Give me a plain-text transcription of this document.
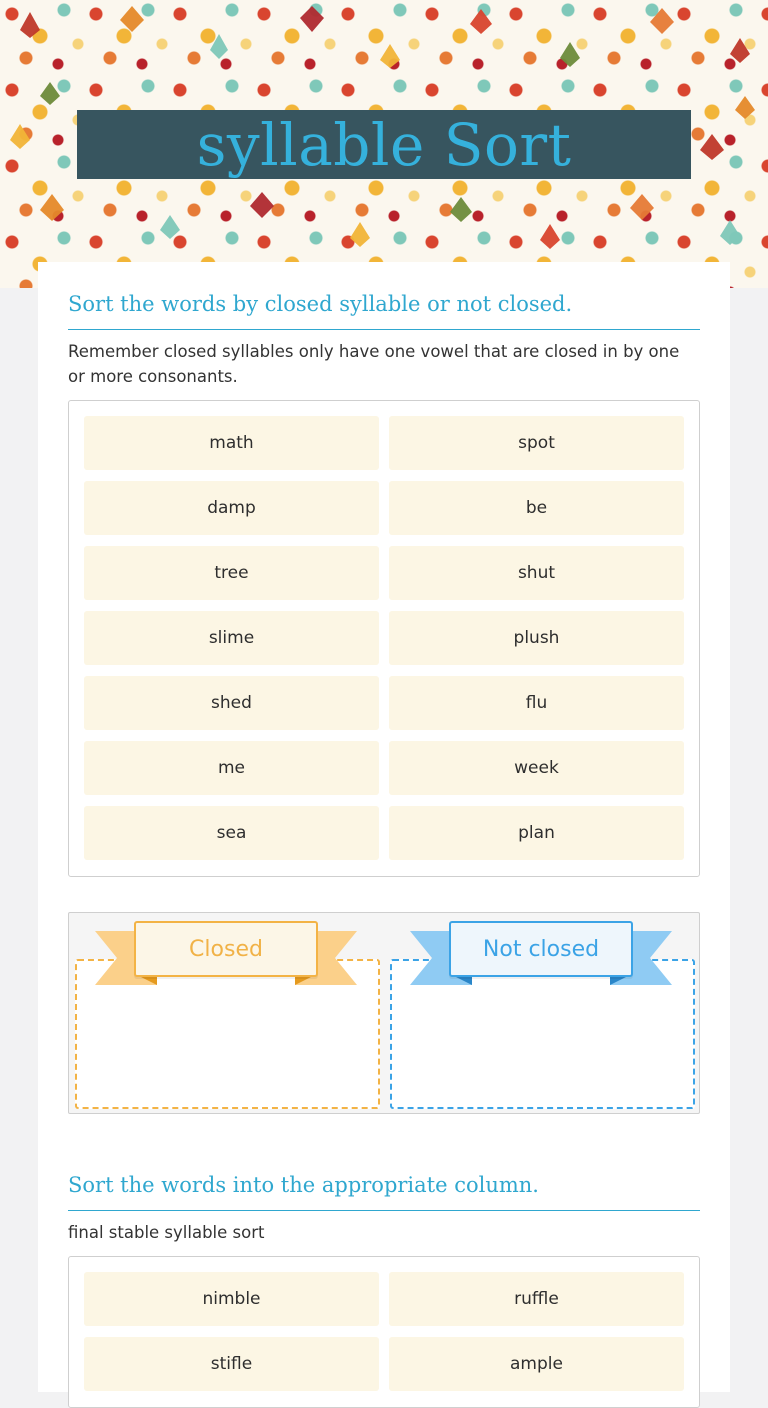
syllable Sort
Sort the words by closed syllable or not closed.

Remember closed syllables only have one vowel that are closed in by one or more consonants.

math	spot
damp	be
tree	shut
slime	plush
shed	flu
me	week
sea	plan
Closed	Not closed
Sort the words into the appropriate column.

final stable syllable sort

nimble	ruffle
stifle	ample
